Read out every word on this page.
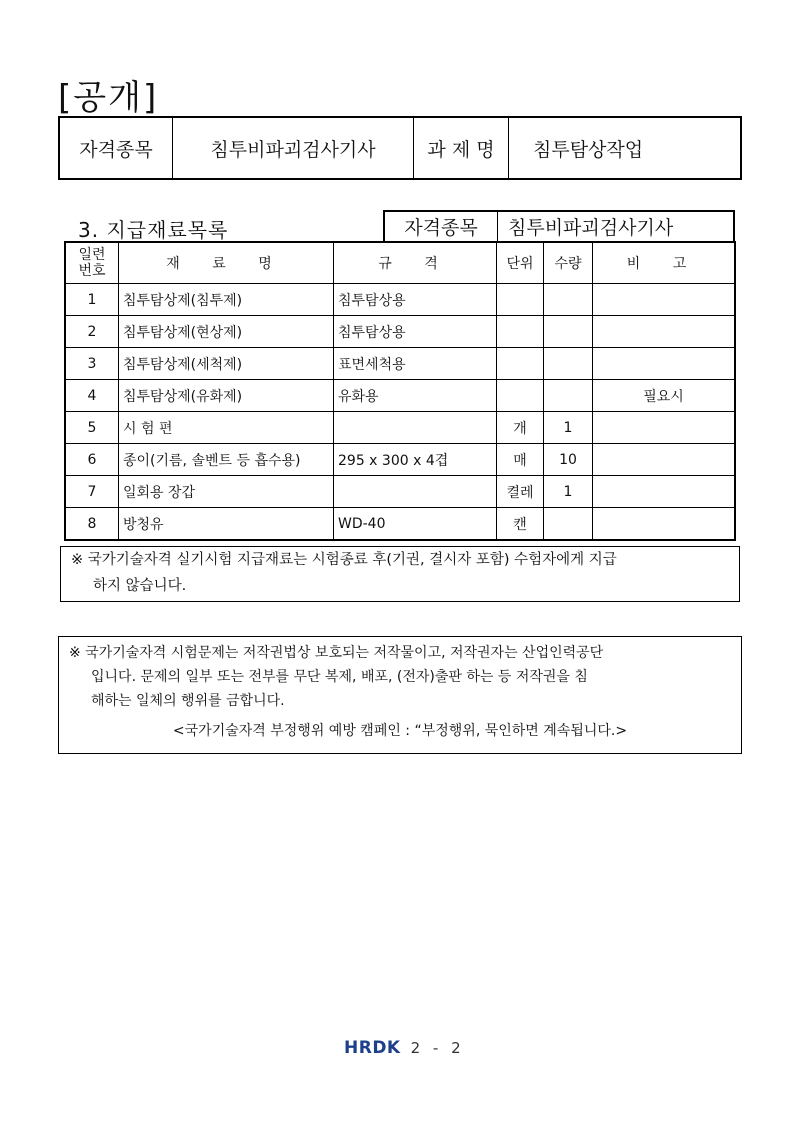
[공개]
자격종목	침투비파괴검사기사	과 제 명	침투탐상작업
3. 지급재료목록	자격종목	침투비파괴검사기사
일련
번호	재 료 명	규 격	단위	수량	비 고
1	침투탐상제(침투제)	침투탐상용			
2	침투탐상제(현상제)	침투탐상용			
3	침투탐상제(세척제)	표면세척용			
4	침투탐상제(유화제)	유화용			필요시
5	시 험 편		개	1	
6	종이(기름, 솔벤트 등 흡수용)	295 x 300 x 4겹	매	10	
7	일회용 장갑		켤레	1	
8	방청유	WD-40	캔		
※ 국가기술자격 실기시험 지급재료는 시험종료 후(기권, 결시자 포함) 수험자에게 지급
하지 않습니다.
※ 국가기술자격 시험문제는 저작권법상 보호되는 저작물이고, 저작권자는 산업인력공단
입니다. 문제의 일부 또는 전부를 무단 복제, 배포, (전자)출판 하는 등 저작권을 침
해하는 일체의 행위를 금합니다.
<국가기술자격 부정행위 예방 캠페인 : “부정행위, 묵인하면 계속됩니다.>
HRDK 2 - 2
